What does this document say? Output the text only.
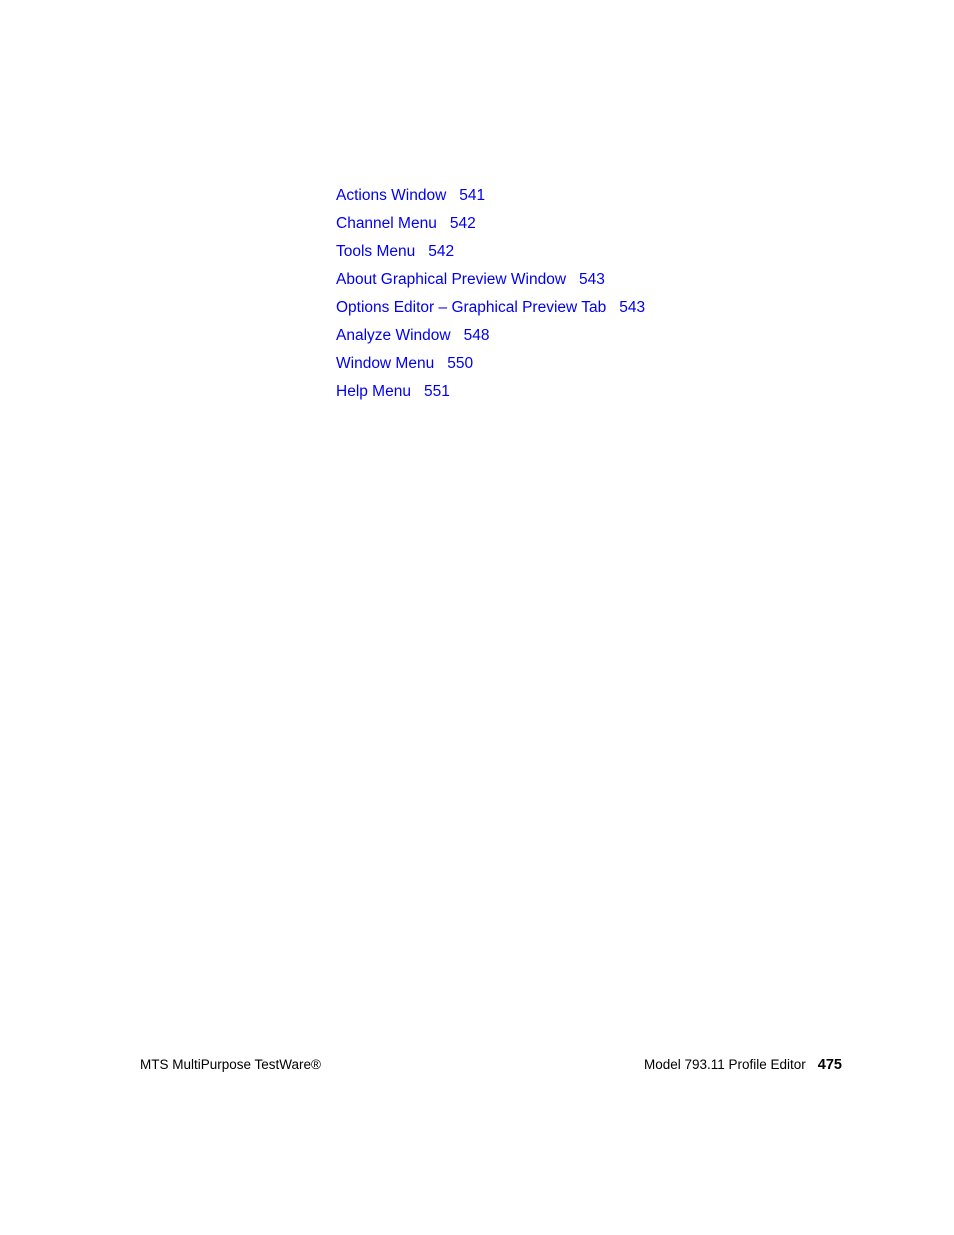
Actions Window 541
Channel Menu 542
Tools Menu 542
About Graphical Preview Window 543
Options Editor – Graphical Preview Tab 543
Analyze Window 548
Window Menu 550
Help Menu 551
MTS MultiPurpose TestWare®	Model 793.11 Profile Editor 475
